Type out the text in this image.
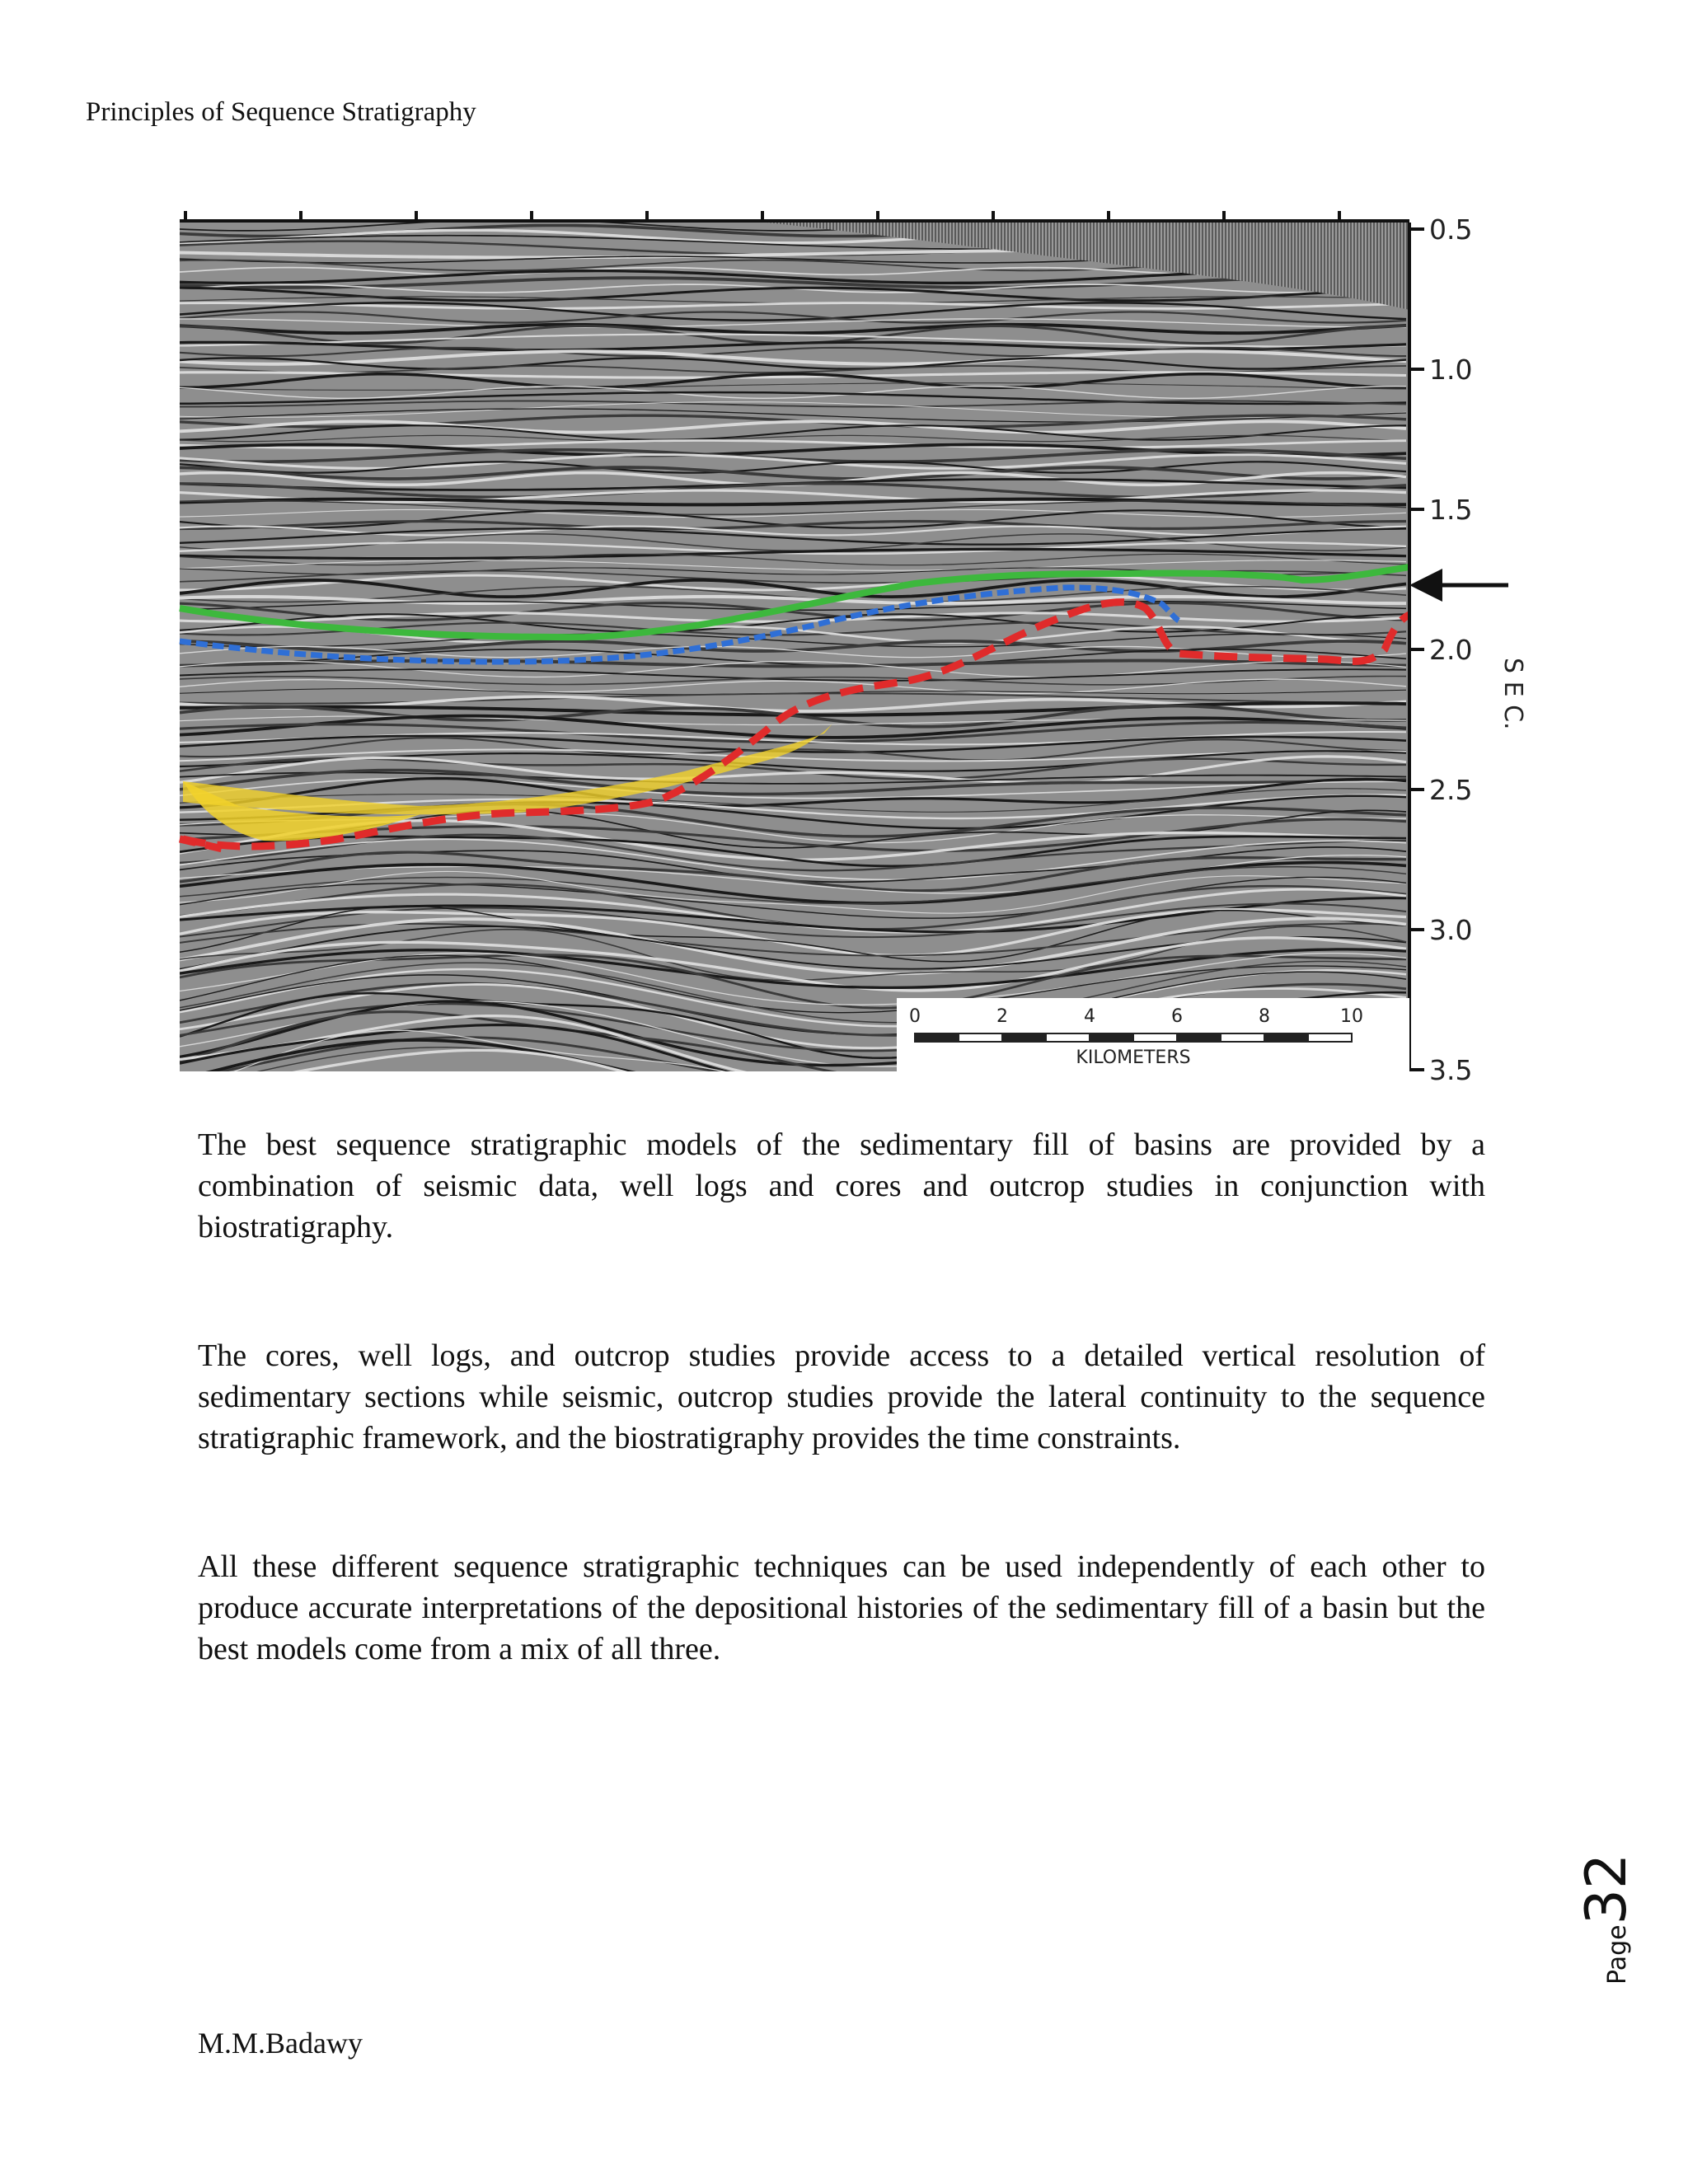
Principles of Sequence Stratigraphy
0.5
1.0
1.5
2.0
2.5
3.0
3.5
S E C.
0	2	4	6	8	10
KILOMETERS

The best sequence stratigraphic models of the sedimentary fill of basins are provided by a combination of seismic data, well logs and cores and outcrop studies in conjunction with biostratigraphy.

The cores, well logs, and outcrop studies provide access to a detailed vertical resolution of sedimentary sections while seismic, outcrop studies provide the lateral continuity to the sequence stratigraphic framework, and the biostratigraphy provides the time constraints.

All these different sequence stratigraphic techniques can be used independently of each other to produce accurate interpretations of the depositional histories of the sedimentary fill of a basin but the best models come from a mix of all three.

M.M.Badawy
Page32
